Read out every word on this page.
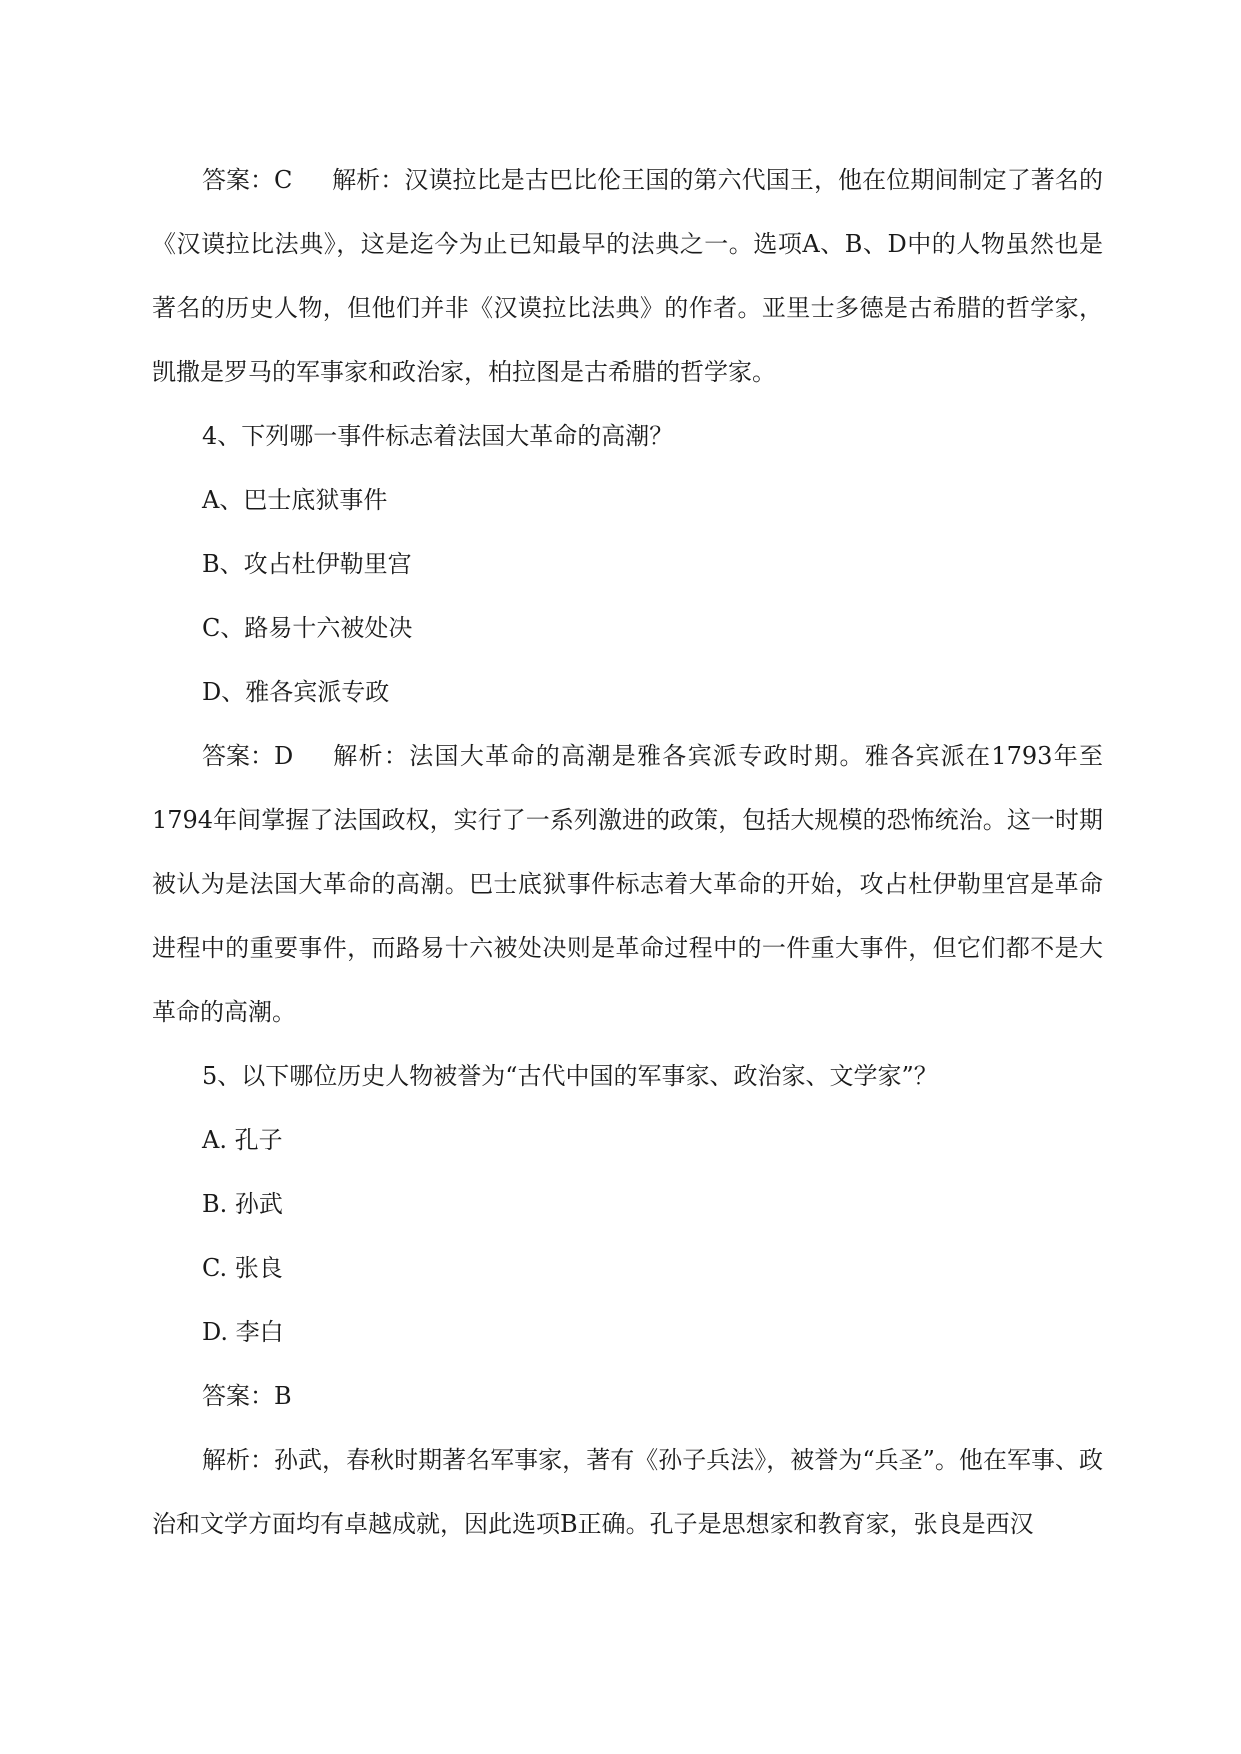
答案：C 解析：汉谟拉比是古巴比伦王国的第六代国王，他在位期间制定了著名的《汉谟拉比法典》，这是迄今为止已知最早的法典之一。选项A、B、D中的人物虽然也是著名的历史人物，但他们并非《汉谟拉比法典》的作者。亚里士多德是古希腊的哲学家，凯撒是罗马的军事家和政治家，柏拉图是古希腊的哲学家。

4、下列哪一事件标志着法国大革命的高潮？

A、巴士底狱事件

B、攻占杜伊勒里宫

C、路易十六被处决

D、雅各宾派专政

答案：D 解析：法国大革命的高潮是雅各宾派专政时期。雅各宾派在1793年至1794年间掌握了法国政权，实行了一系列激进的政策，包括大规模的恐怖统治。这一时期被认为是法国大革命的高潮。巴士底狱事件标志着大革命的开始，攻占杜伊勒里宫是革命进程中的重要事件，而路易十六被处决则是革命过程中的一件重大事件，但它们都不是大革命的高潮。

5、以下哪位历史人物被誉为“古代中国的军事家、政治家、文学家”？

A. 孔子

B. 孙武

C. 张良

D. 李白

答案：B

解析：孙武，春秋时期著名军事家，著有《孙子兵法》，被誉为“兵圣”。他在军事、政治和文学方面均有卓越成就，因此选项B正确。孔子是思想家和教育家，张良是西汉
